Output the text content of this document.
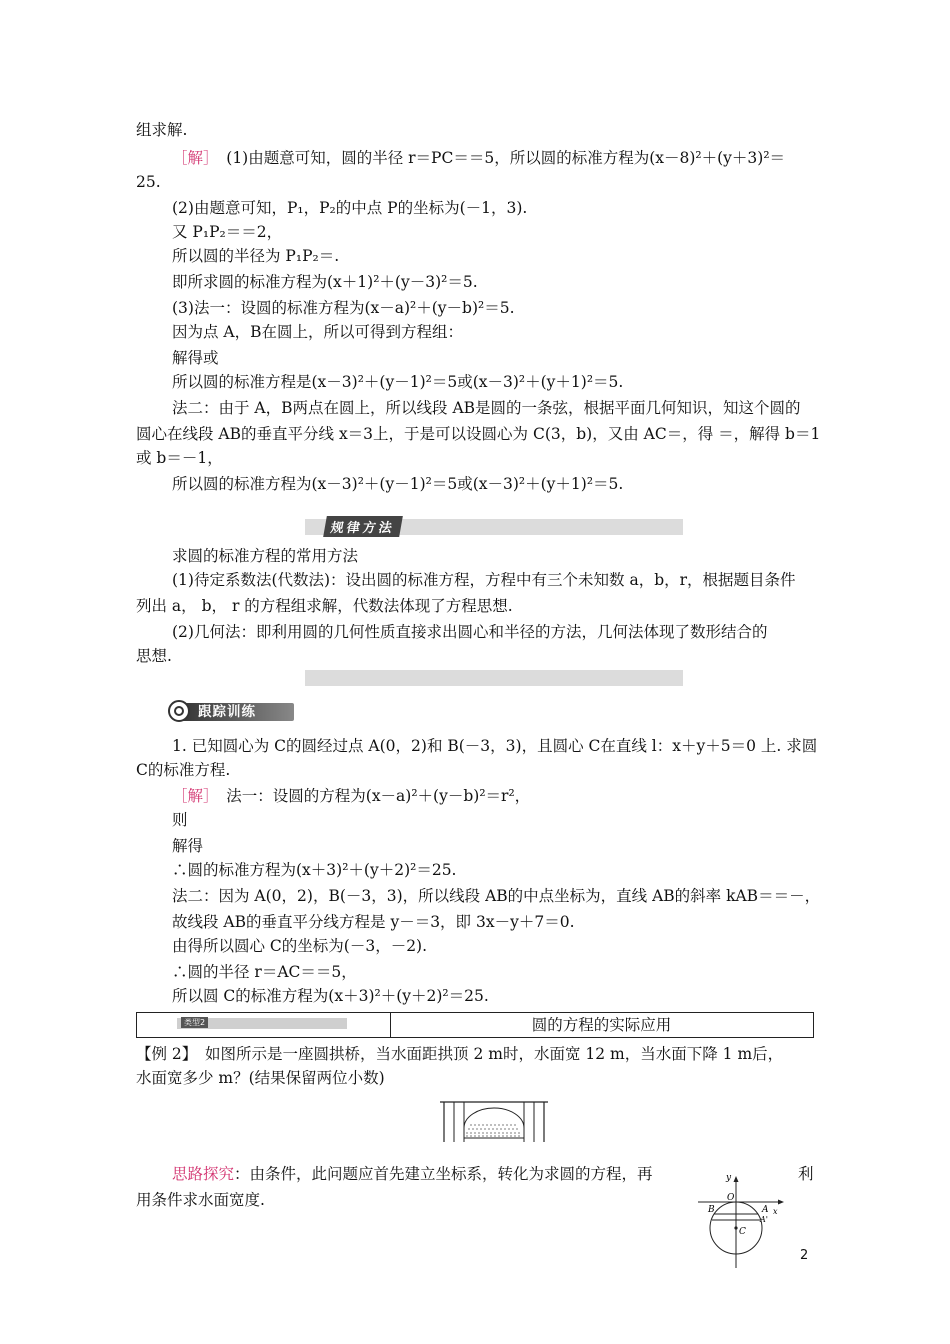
组求解.
［解］　(1)由题意可知，圆的半径 r＝PC＝＝5，所以圆的标准方程为(x－8)²＋(y＋3)²＝
25.
(2)由题意可知，P₁，P₂的中点 P的坐标为(－1，3).
又 P₁P₂＝＝2，
所以圆的半径为 P₁P₂＝.
即所求圆的标准方程为(x＋1)²＋(y－3)²＝5.
(3)法一：设圆的标准方程为(x－a)²＋(y－b)²＝5.
因为点 A，B在圆上，所以可得到方程组：
解得或
所以圆的标准方程是(x－3)²＋(y－1)²＝5或(x－3)²＋(y＋1)²＝5.
法二：由于 A，B两点在圆上，所以线段 AB是圆的一条弦，根据平面几何知识，知这个圆的
圆心在线段 AB的垂直平分线 x＝3上，于是可以设圆心为 C(3，b)，又由 AC＝，得 ＝，解得 b＝1
或 b＝－1，
所以圆的标准方程为(x－3)²＋(y－1)²＝5或(x－3)²＋(y＋1)²＝5.
规律方法
求圆的标准方程的常用方法
(1)待定系数法(代数法)：设出圆的标准方程，方程中有三个未知数 a，b，r，根据题目条件
列出 a， b， r 的方程组求解，代数法体现了方程思想.
(2)几何法：即利用圆的几何性质直接求出圆心和半径的方法，几何法体现了数形结合的
思想.
跟踪训练
1. 已知圆心为 C的圆经过点 A(0，2)和 B(－3，3)，且圆心 C在直线 l：x＋y＋5＝0 上. 求圆
C的标准方程.
［解］　法一：设圆的方程为(x－a)²＋(y－b)²＝r²，
则
解得
∴圆的标准方程为(x＋3)²＋(y＋2)²＝25.
法二：因为 A(0，2)，B(－3，3)，所以线段 AB的中点坐标为，直线 AB的斜率 kAB＝＝－，
故线段 AB的垂直平分线方程是 y－＝3，即 3x－y＋7＝0.
由得所以圆心 C的坐标为(－3，－2).
∴圆的半径 r＝AC＝＝5，
所以圆 C的标准方程为(x＋3)²＋(y＋2)²＝25.
类型2	圆的方程的实际应用
【例 2】　如图所示是一座圆拱桥，当水面距拱顶 2 m时，水面宽 12 m，当水面下降 1 m后，
水面宽多少 m？(结果保留两位小数)
思路探究：由条件，此问题应首先建立坐标系，转化为求圆的方程，再	利
用条件求水面宽度.
y
O
B	A x
C
A'
2
